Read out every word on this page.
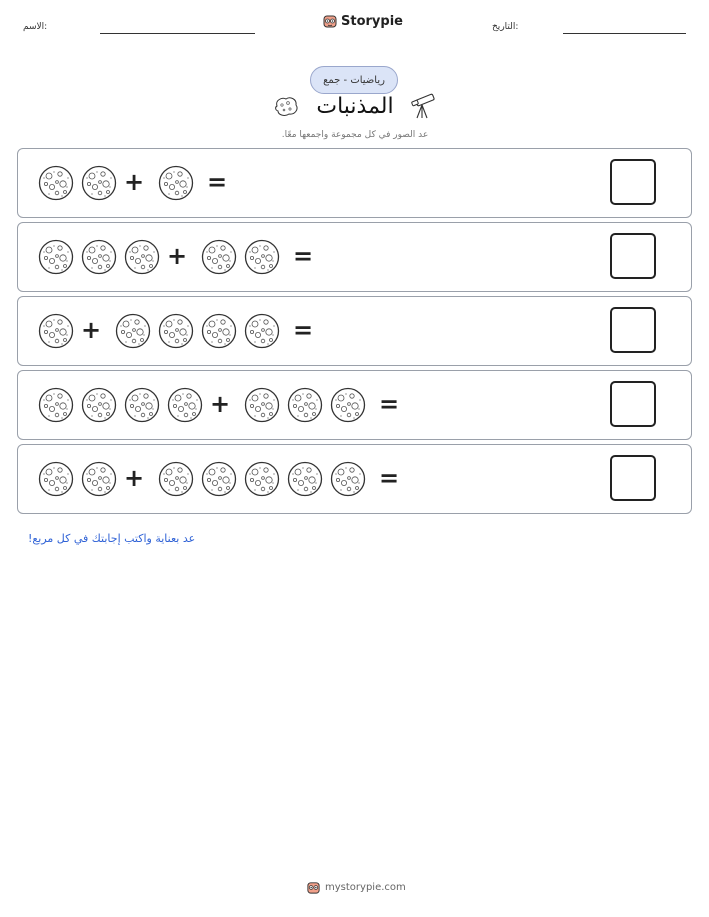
الاسم:	Storypie	التاريخ:
رياضيات - جمع
المذنبات
عد الصور في كل مجموعة واجمعها معًا.
+	=
+	=
+	=
+	=
+	=
عد بعناية واكتب إجابتك في كل مربع!
mystorypie.com
